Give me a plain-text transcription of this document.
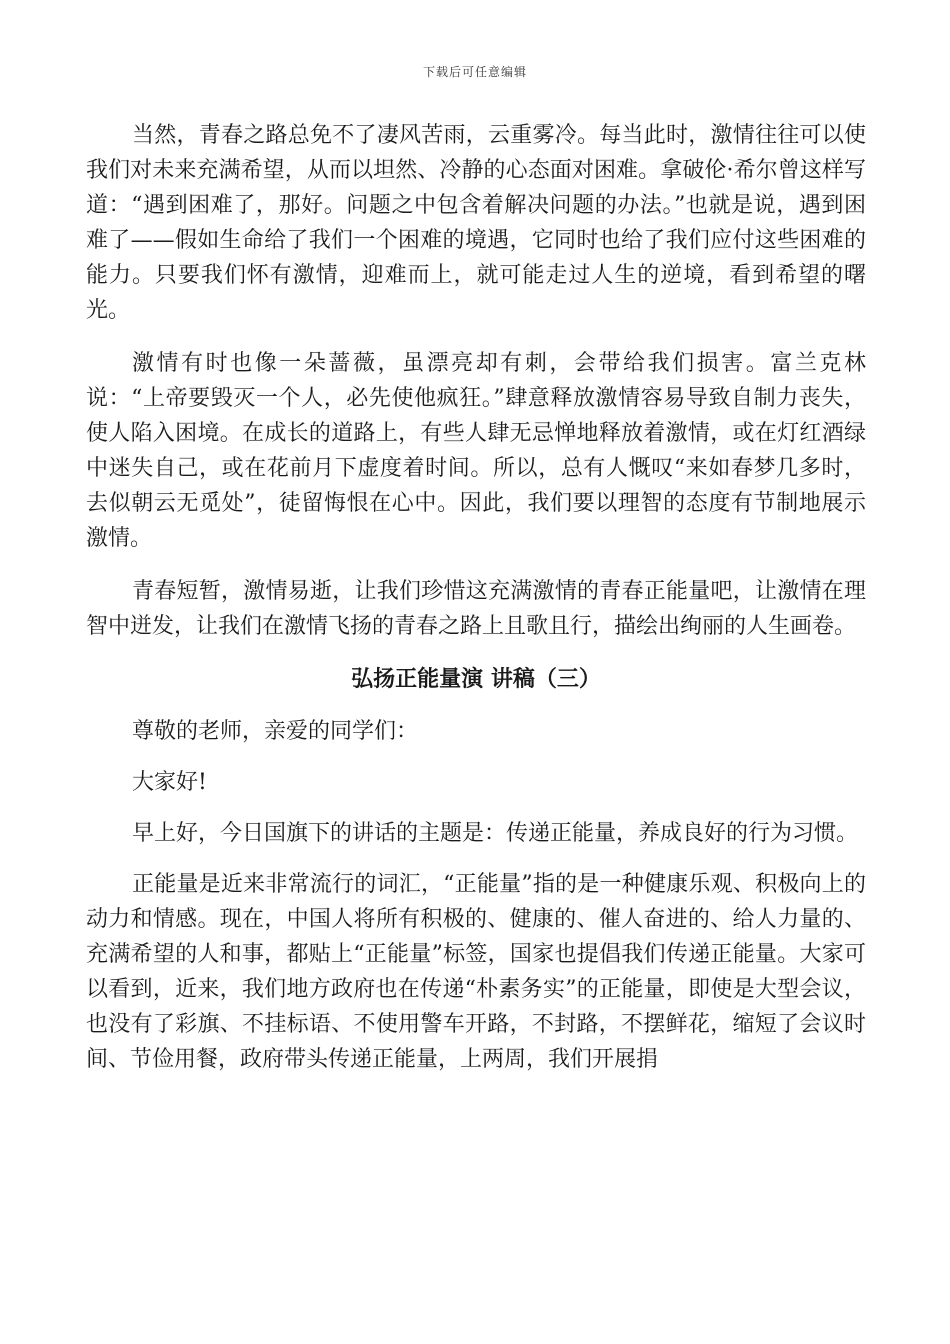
下载后可任意编辑

当然，青春之路总免不了凄风苦雨，云重雾冷。每当此时，激情往往可以使我们对未来充满希望，从而以坦然、冷静的心态面对困难。拿破伦·希尔曾这样写道：“遇到困难了，那好。问题之中包含着解决问题的办法。”也就是说，遇到困难了——假如生命给了我们一个困难的境遇，它同时也给了我们应付这些困难的能力。只要我们怀有激情，迎难而上，就可能走过人生的逆境，看到希望的曙光。

激情有时也像一朵蔷薇，虽漂亮却有刺，会带给我们损害。富兰克林说：“上帝要毁灭一个人，必先使他疯狂。”肆意释放激情容易导致自制力丧失，使人陷入困境。在成长的道路上，有些人肆无忌惮地释放着激情，或在灯红酒绿中迷失自己，或在花前月下虚度着时间。所以，总有人慨叹“来如春梦几多时，去似朝云无觅处”，徒留悔恨在心中。因此，我们要以理智的态度有节制地展示激情。

青春短暂，激情易逝，让我们珍惜这充满激情的青春正能量吧，让激情在理智中迸发，让我们在激情飞扬的青春之路上且歌且行，描绘出绚丽的人生画卷。

弘扬正能量演 讲稿（三）

尊敬的老师，亲爱的同学们：

大家好!

早上好，今日国旗下的讲话的主题是：传递正能量，养成良好的行为习惯。

正能量是近来非常流行的词汇，“正能量”指的是一种健康乐观、积极向上的动力和情感。现在，中国人将所有积极的、健康的、催人奋进的、给人力量的、充满希望的人和事，都贴上“正能量”标签，国家也提倡我们传递正能量。大家可以看到，近来，我们地方政府也在传递“朴素务实”的正能量，即使是大型会议，也没有了彩旗、不挂标语、不使用警车开路，不封路，不摆鲜花，缩短了会议时间、节俭用餐，政府带头传递正能量，上两周，我们开展捐
